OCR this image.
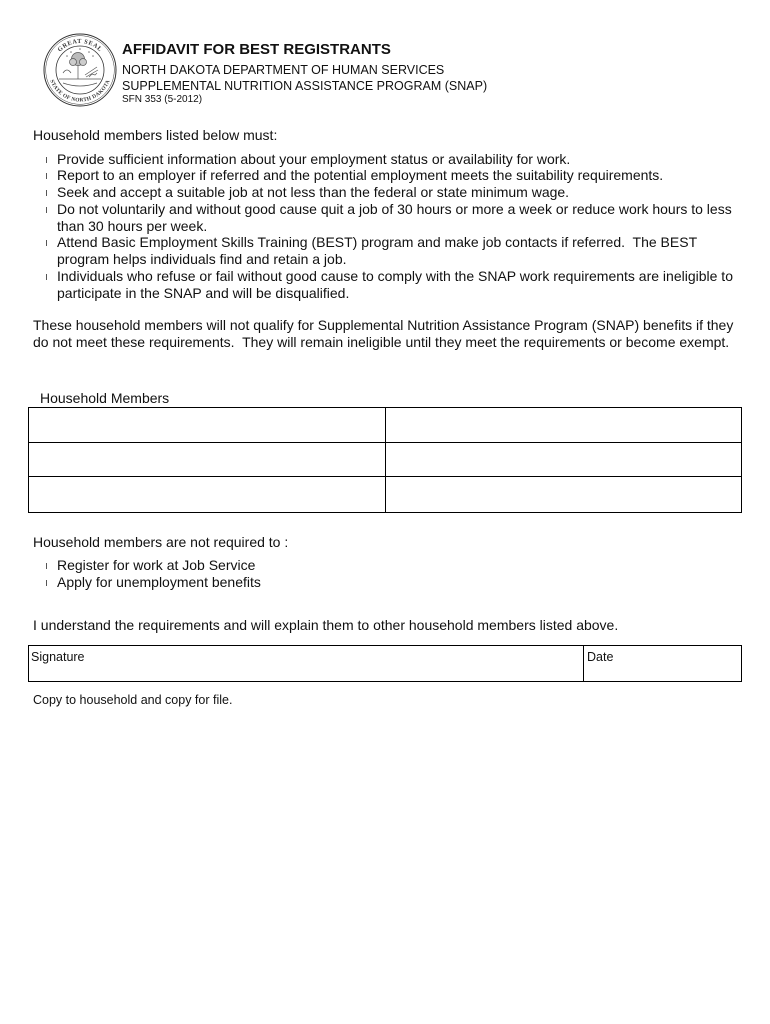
GREAT SEAL
STATE OF NORTH DAKOTA
AFFIDAVIT FOR BEST REGISTRANTS
NORTH DAKOTA DEPARTMENT OF HUMAN SERVICES
SUPPLEMENTAL NUTRITION ASSISTANCE PROGRAM (SNAP)
SFN 353 (5-2012)
Household members listed below must:
Provide sufficient information about your employment status or availability for work.
Report to an employer if referred and the potential employment meets the suitability requirements.
Seek and accept a suitable job at not less than the federal or state minimum wage.
Do not voluntarily and without good cause quit a job of 30 hours or more a week or reduce work hours to less
than 30 hours per week.
Attend Basic Employment Skills Training (BEST) program and make job contacts if referred.  The BEST
program helps individuals find and retain a job.
Individuals who refuse or fail without good cause to comply with the SNAP work requirements are ineligible to
participate in the SNAP and will be disqualified.
These household members will not qualify for Supplemental Nutrition Assistance Program (SNAP) benefits if they
do not meet these requirements.  They will remain ineligible until they meet the requirements or become exempt.
Household Members
Household members are not required to :
Register for work at Job Service
Apply for unemployment benefits
I understand the requirements and will explain them to other household members listed above.
Signature	Date
Copy to household and copy for file.
